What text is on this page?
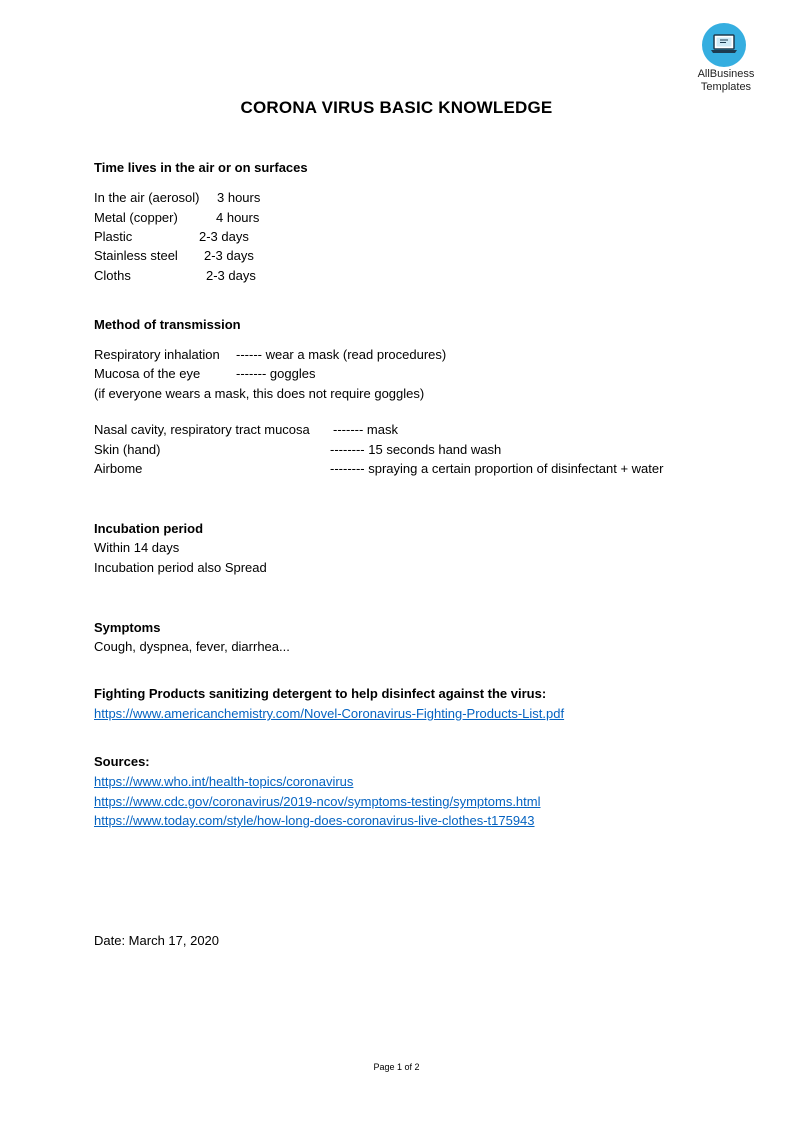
AllBusiness
Templates
CORONA VIRUS BASIC KNOWLEDGE
Time lives in the air or on surfaces
In the air (aerosol) 3 hours
Metal (copper)	4 hours
Plastic	2-3 days
Stainless steel 2-3 days
Cloths	2-3 days
Method of transmission
Respiratory inhalation ------ wear a mask (read procedures)
Mucosa of the eye	------- goggles
(if everyone wears a mask, this does not require goggles)
Nasal cavity, respiratory tract mucosa ------- mask
Skin (hand)	-------- 15 seconds hand wash
Airbome	-------- spraying a certain proportion of disinfectant + water
Incubation period
Within 14 days
Incubation period also Spread
Symptoms
Cough, dyspnea, fever, diarrhea...
Fighting Products sanitizing detergent to help disinfect against the virus:
https://www.americanchemistry.com/Novel-Coronavirus-Fighting-Products-List.pdf
Sources:
https://www.who.int/health-topics/coronavirus
https://www.cdc.gov/coronavirus/2019-ncov/symptoms-testing/symptoms.html
https://www.today.com/style/how-long-does-coronavirus-live-clothes-t175943
Date: March 17, 2020
Page 1 of 2
